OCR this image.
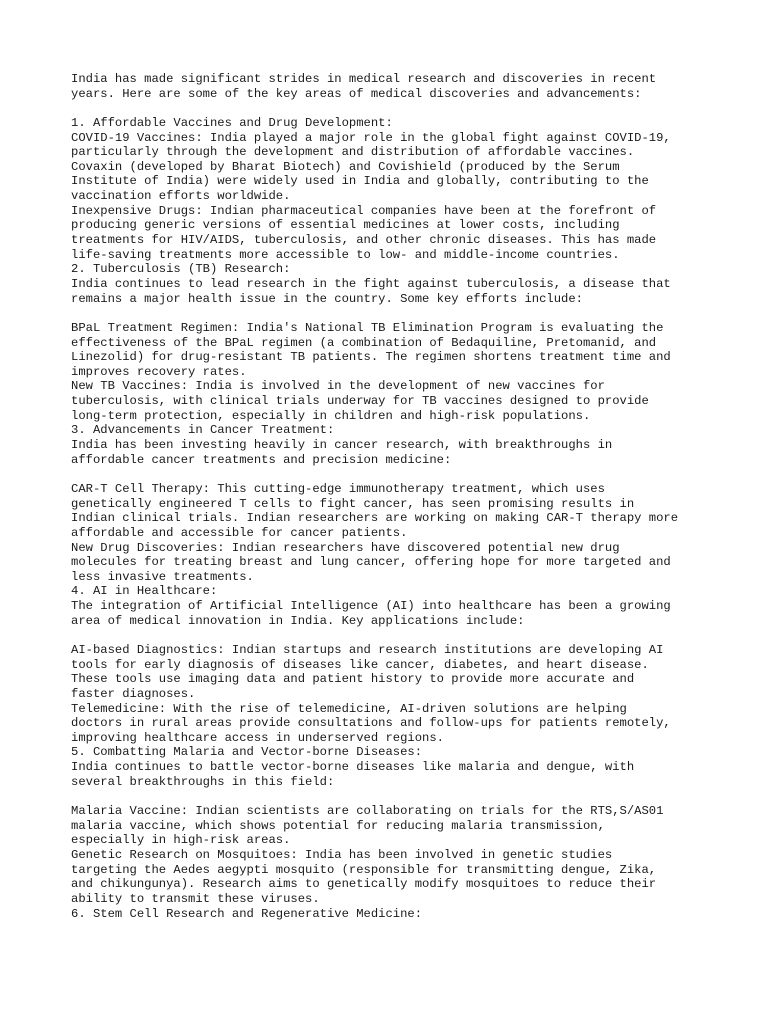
India has made significant strides in medical research and discoveries in recent
years. Here are some of the key areas of medical discoveries and advancements:
1. Affordable Vaccines and Drug Development:
COVID-19 Vaccines: India played a major role in the global fight against COVID-19,
particularly through the development and distribution of affordable vaccines.
Covaxin (developed by Bharat Biotech) and Covishield (produced by the Serum
Institute of India) were widely used in India and globally, contributing to the
vaccination efforts worldwide.
Inexpensive Drugs: Indian pharmaceutical companies have been at the forefront of
producing generic versions of essential medicines at lower costs, including
treatments for HIV/AIDS, tuberculosis, and other chronic diseases. This has made
life-saving treatments more accessible to low- and middle-income countries.
2. Tuberculosis (TB) Research:
India continues to lead research in the fight against tuberculosis, a disease that
remains a major health issue in the country. Some key efforts include:
BPaL Treatment Regimen: India's National TB Elimination Program is evaluating the
effectiveness of the BPaL regimen (a combination of Bedaquiline, Pretomanid, and
Linezolid) for drug-resistant TB patients. The regimen shortens treatment time and
improves recovery rates.
New TB Vaccines: India is involved in the development of new vaccines for
tuberculosis, with clinical trials underway for TB vaccines designed to provide
long-term protection, especially in children and high-risk populations.
3. Advancements in Cancer Treatment:
India has been investing heavily in cancer research, with breakthroughs in
affordable cancer treatments and precision medicine:
CAR-T Cell Therapy: This cutting-edge immunotherapy treatment, which uses
genetically engineered T cells to fight cancer, has seen promising results in
Indian clinical trials. Indian researchers are working on making CAR-T therapy more
affordable and accessible for cancer patients.
New Drug Discoveries: Indian researchers have discovered potential new drug
molecules for treating breast and lung cancer, offering hope for more targeted and
less invasive treatments.
4. AI in Healthcare:
The integration of Artificial Intelligence (AI) into healthcare has been a growing
area of medical innovation in India. Key applications include:
AI-based Diagnostics: Indian startups and research institutions are developing AI
tools for early diagnosis of diseases like cancer, diabetes, and heart disease.
These tools use imaging data and patient history to provide more accurate and
faster diagnoses.
Telemedicine: With the rise of telemedicine, AI-driven solutions are helping
doctors in rural areas provide consultations and follow-ups for patients remotely,
improving healthcare access in underserved regions.
5. Combatting Malaria and Vector-borne Diseases:
India continues to battle vector-borne diseases like malaria and dengue, with
several breakthroughs in this field:
Malaria Vaccine: Indian scientists are collaborating on trials for the RTS,S/AS01
malaria vaccine, which shows potential for reducing malaria transmission,
especially in high-risk areas.
Genetic Research on Mosquitoes: India has been involved in genetic studies
targeting the Aedes aegypti mosquito (responsible for transmitting dengue, Zika,
and chikungunya). Research aims to genetically modify mosquitoes to reduce their
ability to transmit these viruses.
6. Stem Cell Research and Regenerative Medicine:
